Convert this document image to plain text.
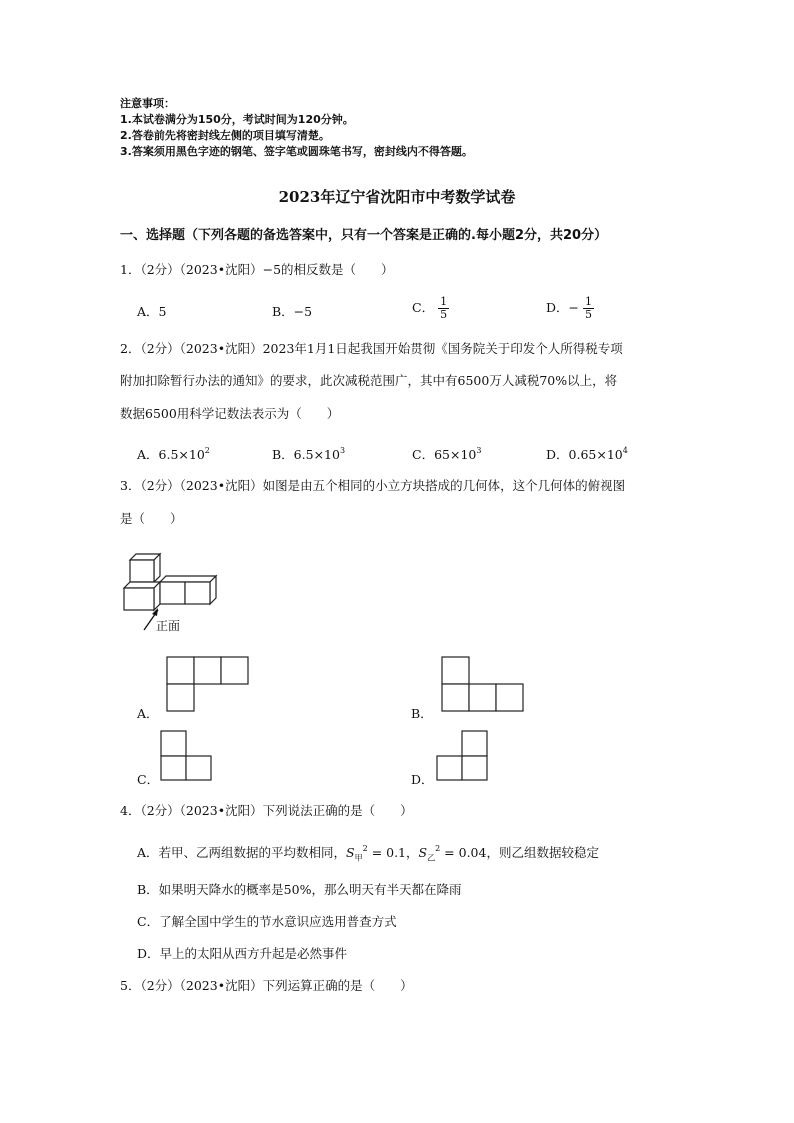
注意事项：
1.本试卷满分为150分，考试时间为120分钟。
2.答卷前先将密封线左侧的项目填写清楚。
3.答案须用黑色字迹的钢笔、签字笔或圆珠笔书写，密封线内不得答题。
2023年辽宁省沈阳市中考数学试卷
一、选择题（下列各题的备选答案中，只有一个答案是正确的.每小题2分，共20分）
1．（2分）（2023•沈阳）−5的相反数是（　　）
A．5	B．−5	C． $\frac{1}{5}$	D．− $\frac{1}{5}$
2．（2分）（2023•沈阳）2023年1月1日起我国开始贯彻《国务院关于印发个人所得税专项
附加扣除暂行办法的通知》的要求，此次减税范围广，其中有6500万人减税70%以上，将
数据6500用科学记数法表示为（　　）
A．$6.5\times 10^2$	B．$6.5\times 10^3$	C．$65\times 10^3$	D．$0.65\times 10^4$
3．（2分）（2023•沈阳）如图是由五个相同的小立方块搭成的几何体，这个几何体的俯视图
是（　　）
正面
A．	B．
C．	D．
4．（2分）（2023•沈阳）下列说法正确的是（　　）
A．若甲、乙两组数据的平均数相同，$S_甲^2 = 0.1$，$S_乙^2 = 0.04$，则乙组数据较稳定
B．如果明天降水的概率是50%，那么明天有半天都在降雨
C．了解全国中学生的节水意识应选用普查方式
D．早上的太阳从西方升起是必然事件
5．（2分）（2023•沈阳）下列运算正确的是（　　）
